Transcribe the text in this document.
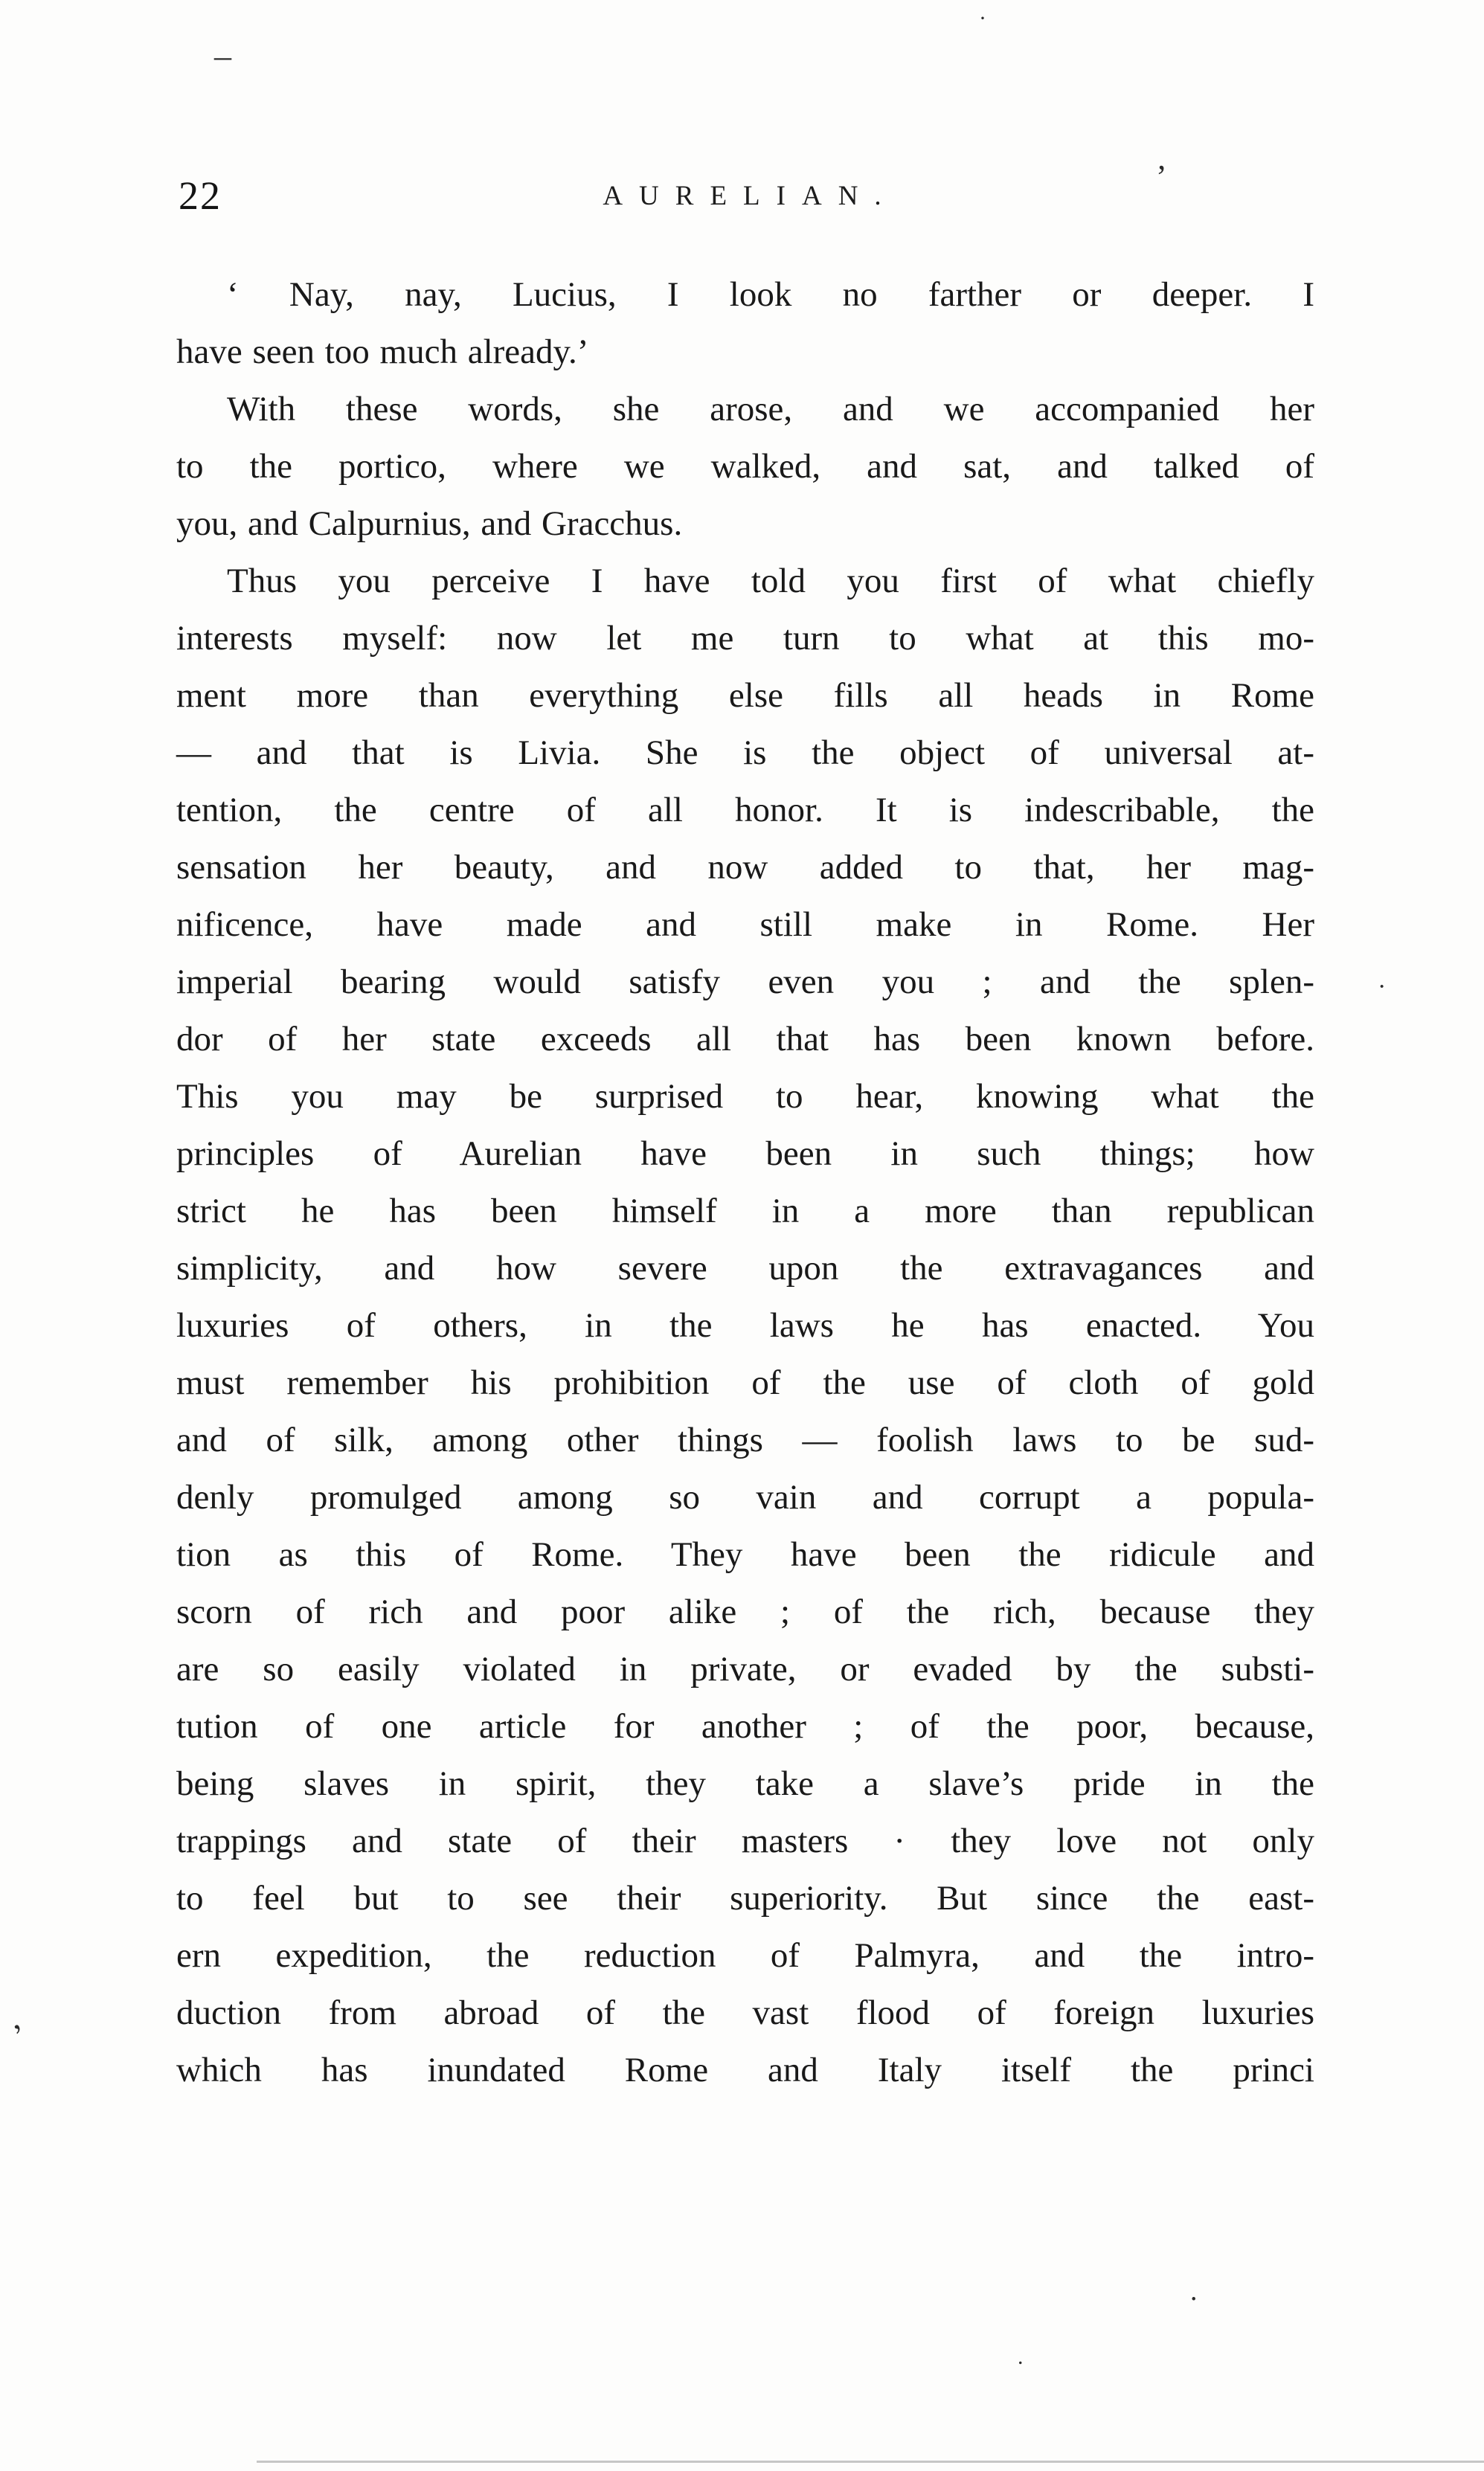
–
’
·
,
.
.
·
22	AURELIAN.
‘ Nay, nay, Lucius, I look no farther or deeper. I
have seen too much already.’
With these words, she arose, and we accompanied her
to the portico, where we walked, and sat, and talked of
you, and Calpurnius, and Gracchus.
Thus you perceive I have told you first of what chiefly
interests myself: now let me turn to what at this mo-
ment more than everything else fills all heads in Rome
— and that is Livia. She is the object of universal at-
tention, the centre of all honor. It is indescribable, the
sensation her beauty, and now added to that, her mag-
nificence, have made and still make in Rome. Her
imperial bearing would satisfy even you ; and the splen-
dor of her state exceeds all that has been known before.
This you may be surprised to hear, knowing what the
principles of Aurelian have been in such things; how
strict he has been himself in a more than republican
simplicity, and how severe upon the extravagances and
luxuries of others, in the laws he has enacted. You
must remember his prohibition of the use of cloth of gold
and of silk, among other things — foolish laws to be sud-
denly promulged among so vain and corrupt a popula-
tion as this of Rome. They have been the ridicule and
scorn of rich and poor alike ; of the rich, because they
are so easily violated in private, or evaded by the substi-
tution of one article for another ; of the poor, because,
being slaves in spirit, they take a slave’s pride in the
trappings and state of their masters · they love not only
to feel but to see their superiority. But since the east-
ern expedition, the reduction of Palmyra, and the intro-
duction from abroad of the vast flood of foreign luxuries
which has inundated Rome and Italy itself the princi
